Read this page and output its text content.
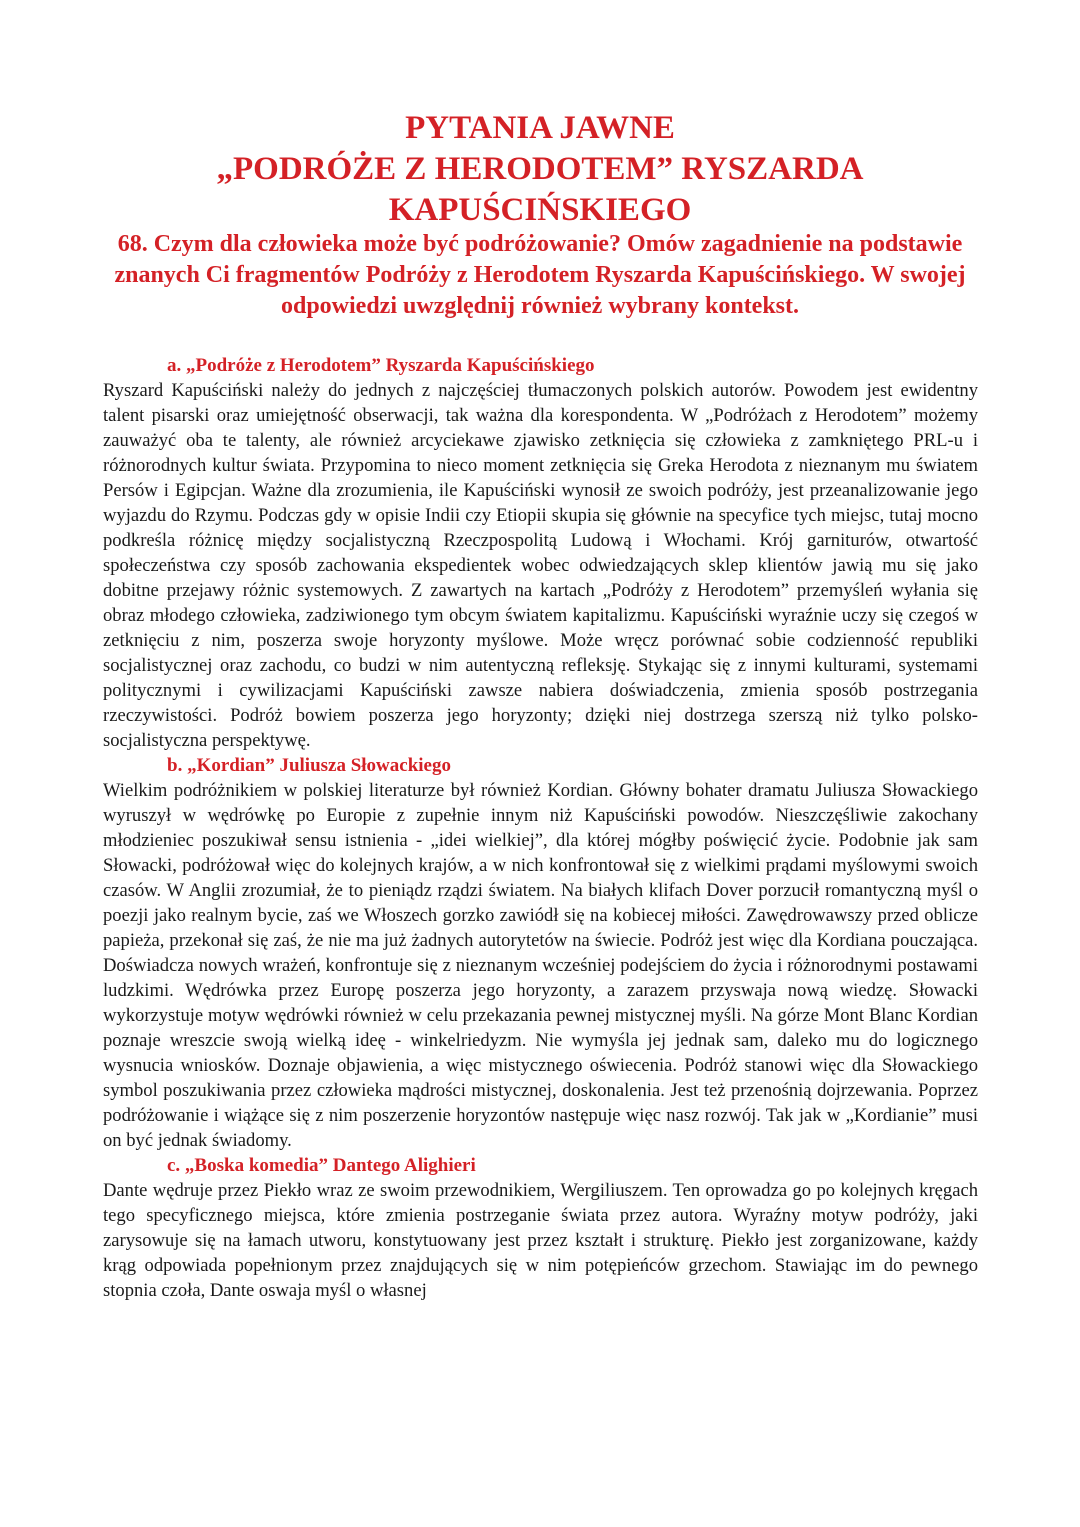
PYTANIA JAWNE
„PODRÓŻE Z HERODOTEM” RYSZARDA
KAPUŚCIŃSKIEGO
68. Czym dla człowieka może być podróżowanie? Omów zagadnienie na podstawie znanych Ci fragmentów Podróży z Herodotem Ryszarda Kapuścińskiego. W swojej odpowiedzi uwzględnij również wybrany kontekst.
a. „Podróże z Herodotem” Ryszarda Kapuścińskiego

Ryszard Kapuściński należy do jednych z najczęściej tłumaczonych polskich autorów. Powodem jest ewidentny talent pisarski oraz umiejętność obserwacji, tak ważna dla korespondenta. W „Podróżach z Herodotem” możemy zauważyć oba te talenty, ale również arcyciekawe zjawisko zetknięcia się człowieka z zamkniętego PRL-u i różnorodnych kultur świata. Przypomina to nieco moment zetknięcia się Greka Herodota z nieznanym mu światem Persów i Egipcjan. Ważne dla zrozumienia, ile Kapuściński wynosił ze swoich podróży, jest przeanalizowanie jego wyjazdu do Rzymu. Podczas gdy w opisie Indii czy Etiopii skupia się głównie na specyfice tych miejsc, tutaj mocno podkreśla różnicę między socjalistyczną Rzeczpospolitą Ludową i Włochami. Krój garniturów, otwartość społeczeństwa czy sposób zachowania ekspedientek wobec odwiedzających sklep klientów jawią mu się jako dobitne przejawy różnic systemowych. Z zawartych na kartach „Podróży z Herodotem” przemyśleń wyłania się obraz młodego człowieka, zadziwionego tym obcym światem kapitalizmu. Kapuściński wyraźnie uczy się czegoś w zetknięciu z nim, poszerza swoje horyzonty myślowe. Może wręcz porównać sobie codzienność republiki socjalistycznej oraz zachodu, co budzi w nim autentyczną refleksję. Stykając się z innymi kulturami, systemami politycznymi i cywilizacjami Kapuściński zawsze nabiera doświadczenia, zmienia sposób postrzegania rzeczywistości. Podróż bowiem poszerza jego horyzonty; dzięki niej dostrzega szerszą niż tylko polsko-socjalistyczna perspektywę.

b. „Kordian” Juliusza Słowackiego

Wielkim podróżnikiem w polskiej literaturze był również Kordian. Główny bohater dramatu Juliusza Słowackiego wyruszył w wędrówkę po Europie z zupełnie innym niż Kapuściński powodów. Nieszczęśliwie zakochany młodzieniec poszukiwał sensu istnienia - „idei wielkiej”, dla której mógłby poświęcić życie. Podobnie jak sam Słowacki, podróżował więc do kolejnych krajów, a w nich konfrontował się z wielkimi prądami myślowymi swoich czasów. W Anglii zrozumiał, że to pieniądz rządzi światem. Na białych klifach Dover porzucił romantyczną myśl o poezji jako realnym bycie, zaś we Włoszech gorzko zawiódł się na kobiecej miłości. Zawędrowawszy przed oblicze papieża, przekonał się zaś, że nie ma już żadnych autorytetów na świecie. Podróż jest więc dla Kordiana pouczająca. Doświadcza nowych wrażeń, konfrontuje się z nieznanym wcześniej podejściem do życia i różnorodnymi postawami ludzkimi. Wędrówka przez Europę poszerza jego horyzonty, a zarazem przyswaja nową wiedzę. Słowacki wykorzystuje motyw wędrówki również w celu przekazania pewnej mistycznej myśli. Na górze Mont Blanc Kordian poznaje wreszcie swoją wielką ideę - winkelriedyzm. Nie wymyśla jej jednak sam, daleko mu do logicznego wysnucia wniosków. Doznaje objawienia, a więc mistycznego oświecenia. Podróż stanowi więc dla Słowackiego symbol poszukiwania przez człowieka mądrości mistycznej, doskonalenia. Jest też przenośnią dojrzewania. Poprzez podróżowanie i wiążące się z nim poszerzenie horyzontów następuje więc nasz rozwój. Tak jak w „Kordianie” musi on być jednak świadomy.

c. „Boska komedia” Dantego Alighieri

Dante wędruje przez Piekło wraz ze swoim przewodnikiem, Wergiliuszem. Ten oprowadza go po kolejnych kręgach tego specyficznego miejsca, które zmienia postrzeganie świata przez autora. Wyraźny motyw podróży, jaki zarysowuje się na łamach utworu, konstytuowany jest przez kształt i strukturę. Piekło jest zorganizowane, każdy krąg odpowiada popełnionym przez znajdujących się w nim potępieńców grzechom. Stawiając im do pewnego stopnia czoła, Dante oswaja myśl o własnej
